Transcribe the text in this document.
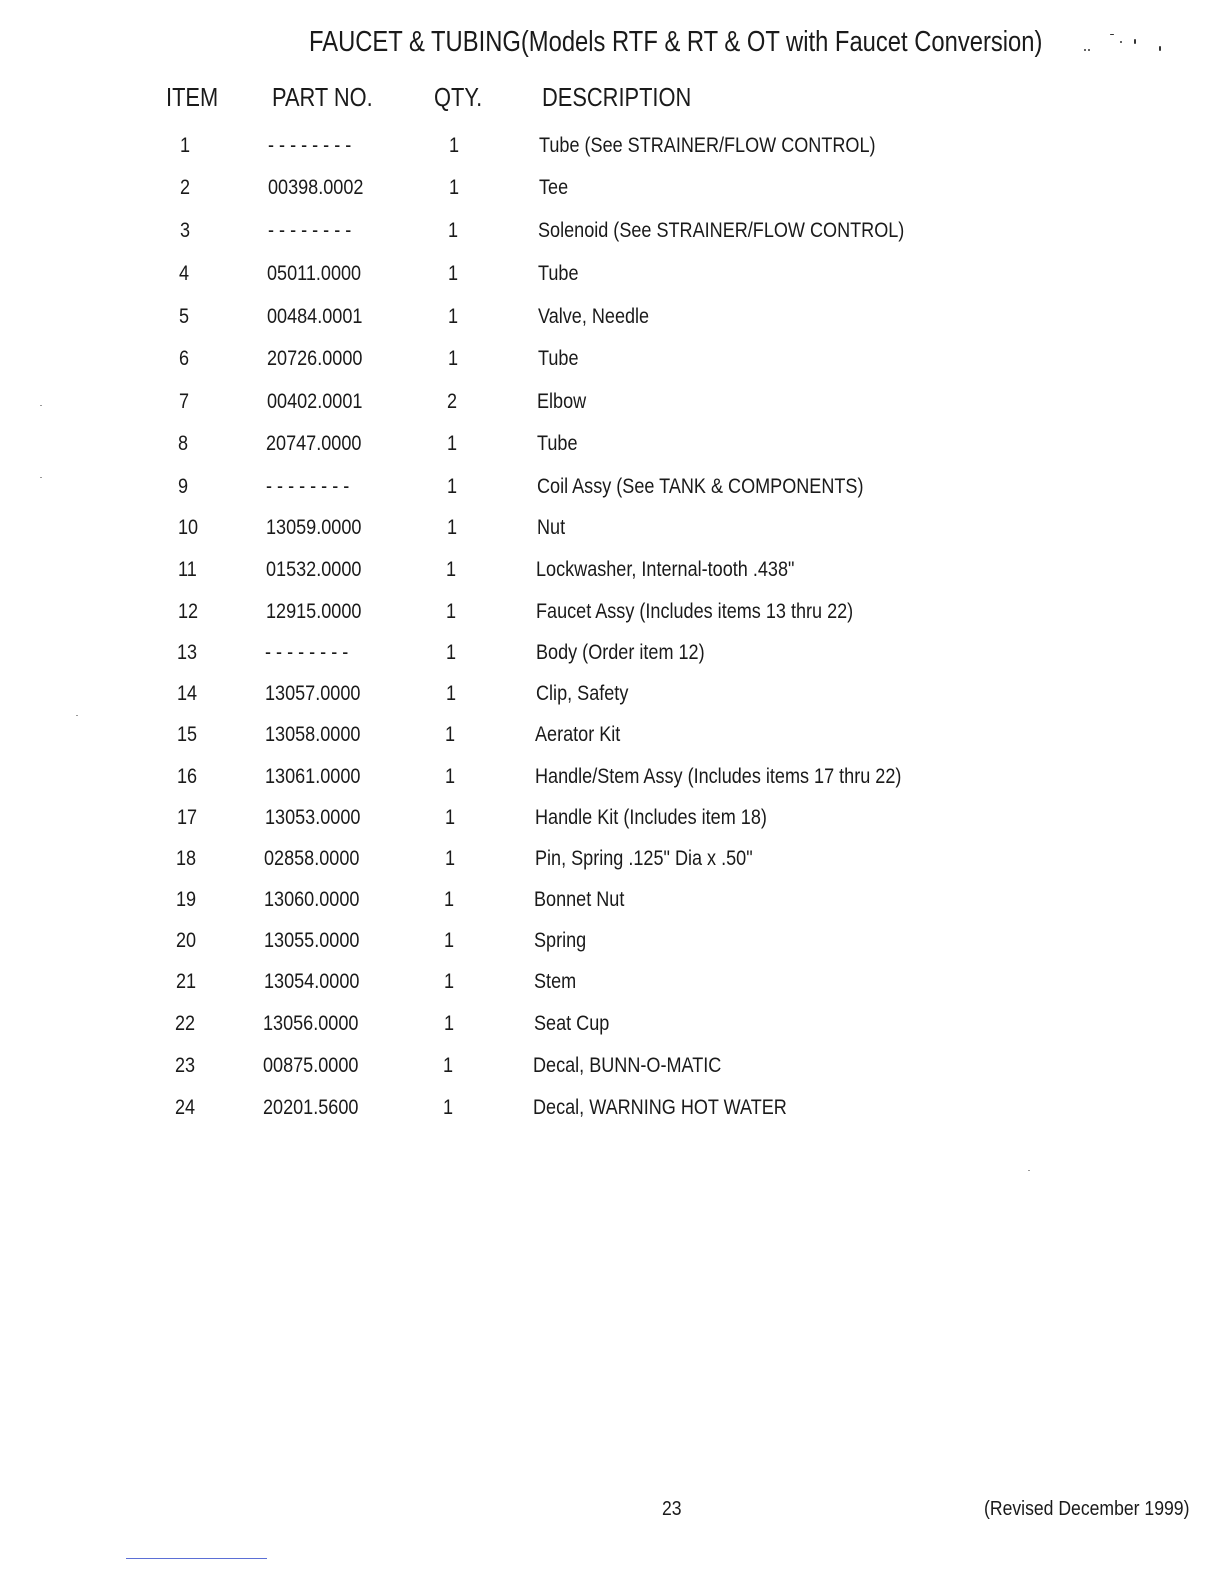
FAUCET & TUBING(Models RTF & RT & OT with Faucet Conversion)
ITEM PART NO. QTY. DESCRIPTION
1	- - - - - - - -	1	Tube (See STRAINER/FLOW CONTROL)
2	00398.0002	1	Tee
3	- - - - - - - -	1	Solenoid (See STRAINER/FLOW CONTROL)
4	05011.0000	1	Tube
5	00484.0001	1	Valve, Needle
6	20726.0000	1	Tube
7	00402.0001	2	Elbow
8	20747.0000	1	Tube
9	- - - - - - - -	1	Coil Assy (See TANK & COMPONENTS)
10	13059.0000	1	Nut
11	01532.0000	1	Lockwasher, Internal-tooth .438"
12	12915.0000	1	Faucet Assy (Includes items 13 thru 22)
13	- - - - - - - -	1	Body (Order item 12)
14	13057.0000	1	Clip, Safety
15	13058.0000	1	Aerator Kit
16	13061.0000	1	Handle/Stem Assy (Includes items 17 thru 22)
17	13053.0000	1	Handle Kit (Includes item 18)
18	02858.0000	1	Pin, Spring .125" Dia x .50"
19	13060.0000	1	Bonnet Nut
20	13055.0000	1	Spring
21	13054.0000	1	Stem
22	13056.0000	1	Seat Cup
23	00875.0000	1	Decal, BUNN-O-MATIC
24	20201.5600	1	Decal, WARNING HOT WATER
23	(Revised December 1999)
